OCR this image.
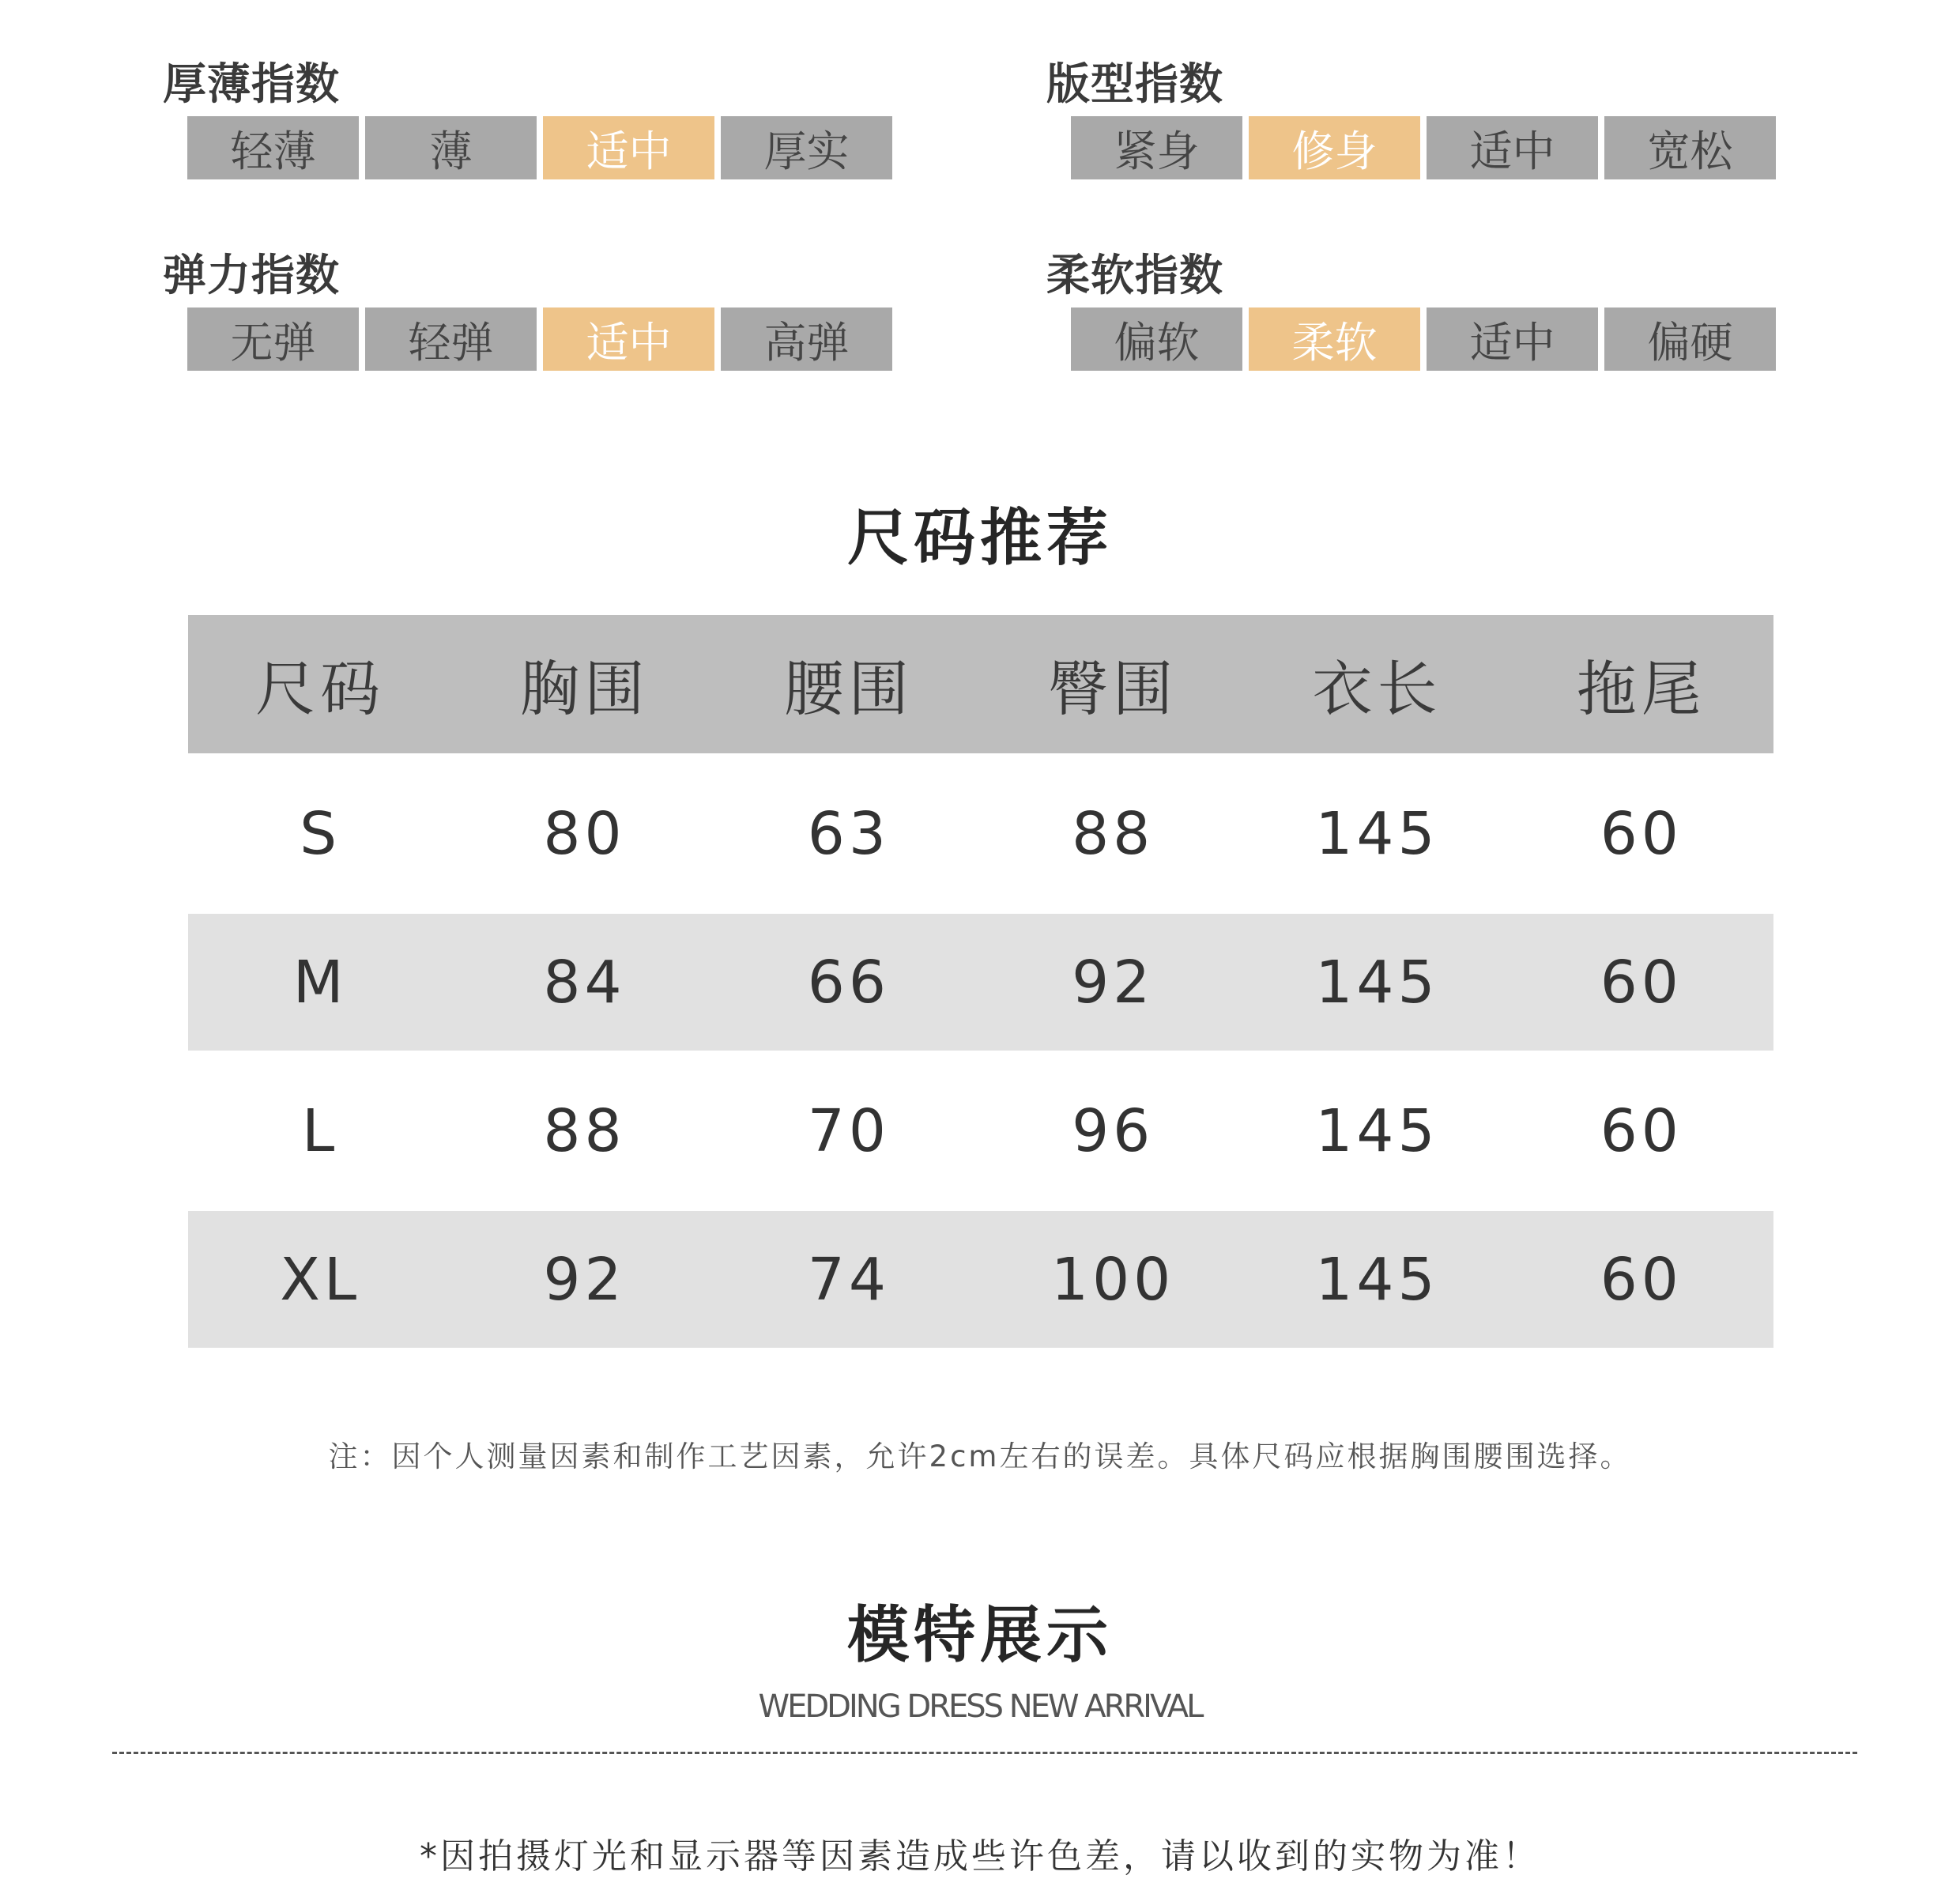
厚薄指数
轻薄	薄	适中	厚实
版型指数
紧身	修身	适中	宽松
弹力指数
无弹	轻弹	适中	高弹
柔软指数
偏软	柔软	适中	偏硬
尺码推荐
尺码	胸围	腰围	臀围	衣长	拖尾
S	80	63	88	145	60
M	84	66	92	145	60
L	88	70	96	145	60
XL	92	74	100	145	60
注：因个人测量因素和制作工艺因素，允许2cm左右的误差。具体尺码应根据胸围腰围选择。
模特展示
WEDDING DRESS NEW ARRIVAL
*因拍摄灯光和显示器等因素造成些许色差，请以收到的实物为准！
